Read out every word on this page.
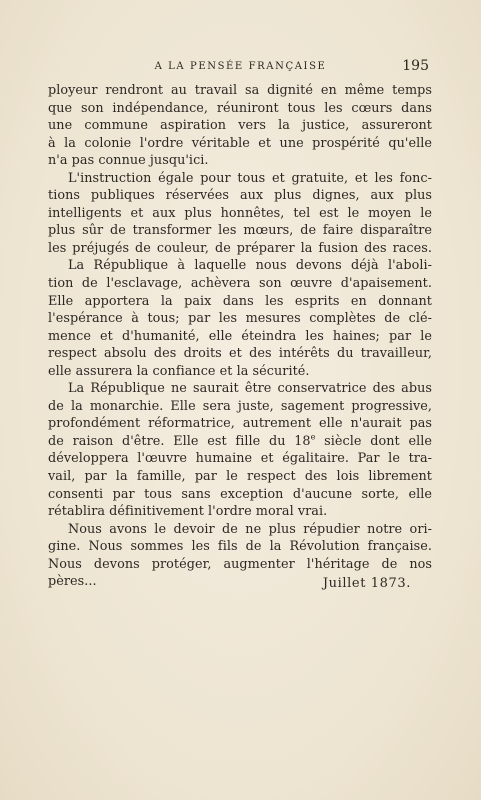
A LA PENSÉE FRANÇAISE	195

ployeur rendront au travail sa dignité en même temps
que son indépendance, réuniront tous les cœurs dans
une commune aspiration vers la justice, assureront
à la colonie l'ordre véritable et une prospérité qu'elle
n'a pas connue jusqu'ici.

L'instruction égale pour tous et gratuite, et les fonc-
tions publiques réservées aux plus dignes, aux plus
intelligents et aux plus honnêtes, tel est le moyen le
plus sûr de transformer les mœurs, de faire disparaître
les préjugés de couleur, de préparer la fusion des races.

La République à laquelle nous devons déjà l'aboli-
tion de l'esclavage, achèvera son œuvre d'apaisement.
Elle apportera la paix dans les esprits en donnant
l'espérance à tous; par les mesures complètes de clé-
mence et d'humanité, elle éteindra les haines; par le
respect absolu des droits et des intérêts du travailleur,
elle assurera la confiance et la sécurité.

La République ne saurait être conservatrice des abus
de la monarchie. Elle sera juste, sagement progressive,
profondément réformatrice, autrement elle n'aurait pas
de raison d'être. Elle est fille du 18e siècle dont elle
développera l'œuvre humaine et égalitaire. Par le tra-
vail, par la famille, par le respect des lois librement
consenti par tous sans exception d'aucune sorte, elle
rétablira définitivement l'ordre moral vrai.

Nous avons le devoir de ne plus répudier notre ori-
gine. Nous sommes les fils de la Révolution française.
Nous devons protéger, augmenter l'héritage de nos
pères...	Juillet 1873.
